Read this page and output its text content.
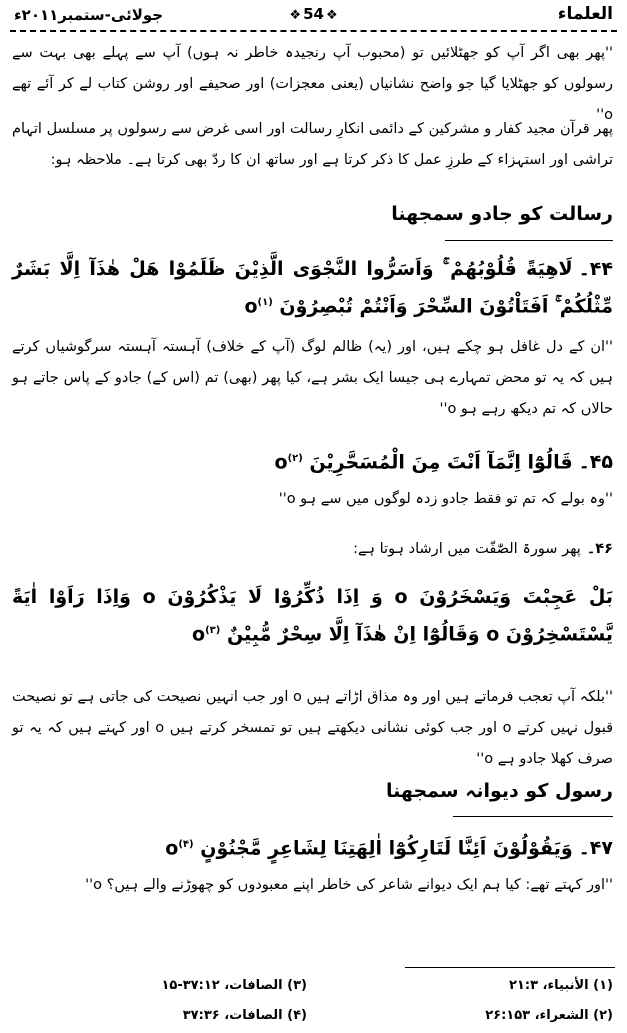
العلماء
❖ 54 ❖
جولائی-ستمبر۲۰۱۱ء
''پھر بھی اگر آپ کو جھٹلائیں تو (محبوب آپ رنجیدہ خاطر نہ ہوں) آپ سے پہلے بھی بہت سے رسولوں کو جھٹلایا گیا جو واضح نشانیاں (یعنی معجزات) اور صحیفے اور روشن کتاب لے کر آئے تھے o''
پھر قرآن مجید کفار و مشرکین کے دائمی انکارِ رسالت اور اسی غرض سے رسولوں پر مسلسل اتہام تراشی اور استہزاء کے طرزِ عمل کا ذکر کرتا ہے اور ساتھ ان کا ردّ بھی کرتا ہے۔ ملاحظہ ہو:
رسالت کو جادو سمجھنا
۴۴۔لَاهِيَةً قُلُوْبُهُمْ ۚ وَاَسَرُّوا النَّجْوَى الَّذِيْنَ ظَلَمُوْا هَلْ هٰذَآ اِلَّا بَشَرٌ مِّثْلُكُمْ ۚ اَفَتَاْتُوْنَ السِّحْرَ وَاَنْتُمْ تُبْصِرُوْنَ o$^{(۱)}$
''ان کے دل غافل ہو چکے ہیں، اور (یہ) ظالم لوگ (آپ کے خلاف) آہستہ آہستہ سرگوشیاں کرتے ہیں کہ یہ تو محض تمہارے ہی جیسا ایک بشر ہے، کیا پھر (بھی) تم (اس کے) جادو کے پاس جاتے ہو حالاں کہ تم دیکھ رہے ہو o''
۴۵۔قَالُوْٓا اِنَّمَآ اَنْتَ مِنَ الْمُسَحَّرِيْنَ o$^{(۲)}$
''وہ بولے کہ تم تو فقط جادو زدہ لوگوں میں سے ہو o''
۴۶۔پھر سورۃ الصّٰفّت میں ارشاد ہوتا ہے:
بَلْ عَجِبْتَ وَيَسْخَرُوْنَ o وَ اِذَا ذُكِّرُوْا لَا يَذْكُرُوْنَ o وَاِذَا رَاَوْا اٰيَةً يَّسْتَسْخِرُوْنَ o وَقَالُوْٓا اِنْ هٰذَآ اِلَّا سِحْرٌ مُّبِيْنٌ o$^{(۳)}$
''بلکہ آپ تعجب فرماتے ہیں اور وہ مذاق اڑاتے ہیں o اور جب انہیں نصیحت کی جاتی ہے تو نصیحت قبول نہیں کرتے o اور جب کوئی نشانی دیکھتے ہیں تو تمسخر کرتے ہیں o اور کہتے ہیں کہ یہ تو صرف کھلا جادو ہے o''
رسول کو دیوانہ سمجھنا
۴۷۔وَيَقُوْلُوْنَ اَئِنَّا لَتَارِكُوْٓا اٰلِهَتِنَا لِشَاعِرٍ مَّجْنُوْنٍ o$^{(۴)}$
''اور کہتے تھے: کیا ہم ایک دیوانے شاعر کی خاطر اپنے معبودوں کو چھوڑنے والے ہیں؟ o''
(۱) الأنبياء، ۲۱:۳
(۲) الشعراء، ۲۶:۱۵۳
(۳) الصافات، ۳۷:۱۲-۱۵
(۴) الصافات، ۳۷:۳۶
